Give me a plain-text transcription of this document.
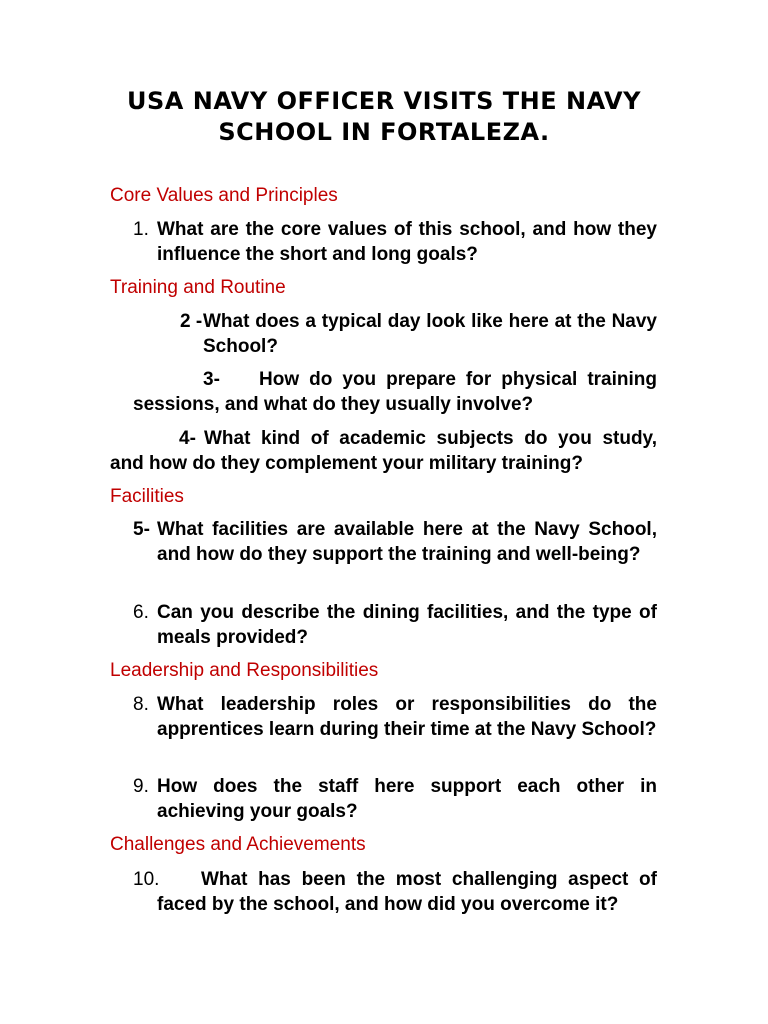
USA NAVY OFFICER VISITS THE NAVY SCHOOL IN FORTALEZA.
Core Values and Principles
1. What are the core values of this school, and how they influence the short and long goals?
Training and Routine
2 - What does a typical day look like here at the Navy School?
3-	How do you prepare for physical training sessions, and what do they usually involve?
4- What kind of academic subjects do you study, and how do they complement your military training?
Facilities
5- What facilities are available here at the Navy School, and how do they support the training and well-being?
6. Can you describe the dining facilities, and the type of meals provided?
Leadership and Responsibilities
8. What leadership roles or responsibilities do the apprentices learn during their time at the Navy School?
9. How does the staff here support each other in achieving your goals?
Challenges and Achievements
10.	What has been the most challenging aspect of faced by the school, and how did you overcome it?
